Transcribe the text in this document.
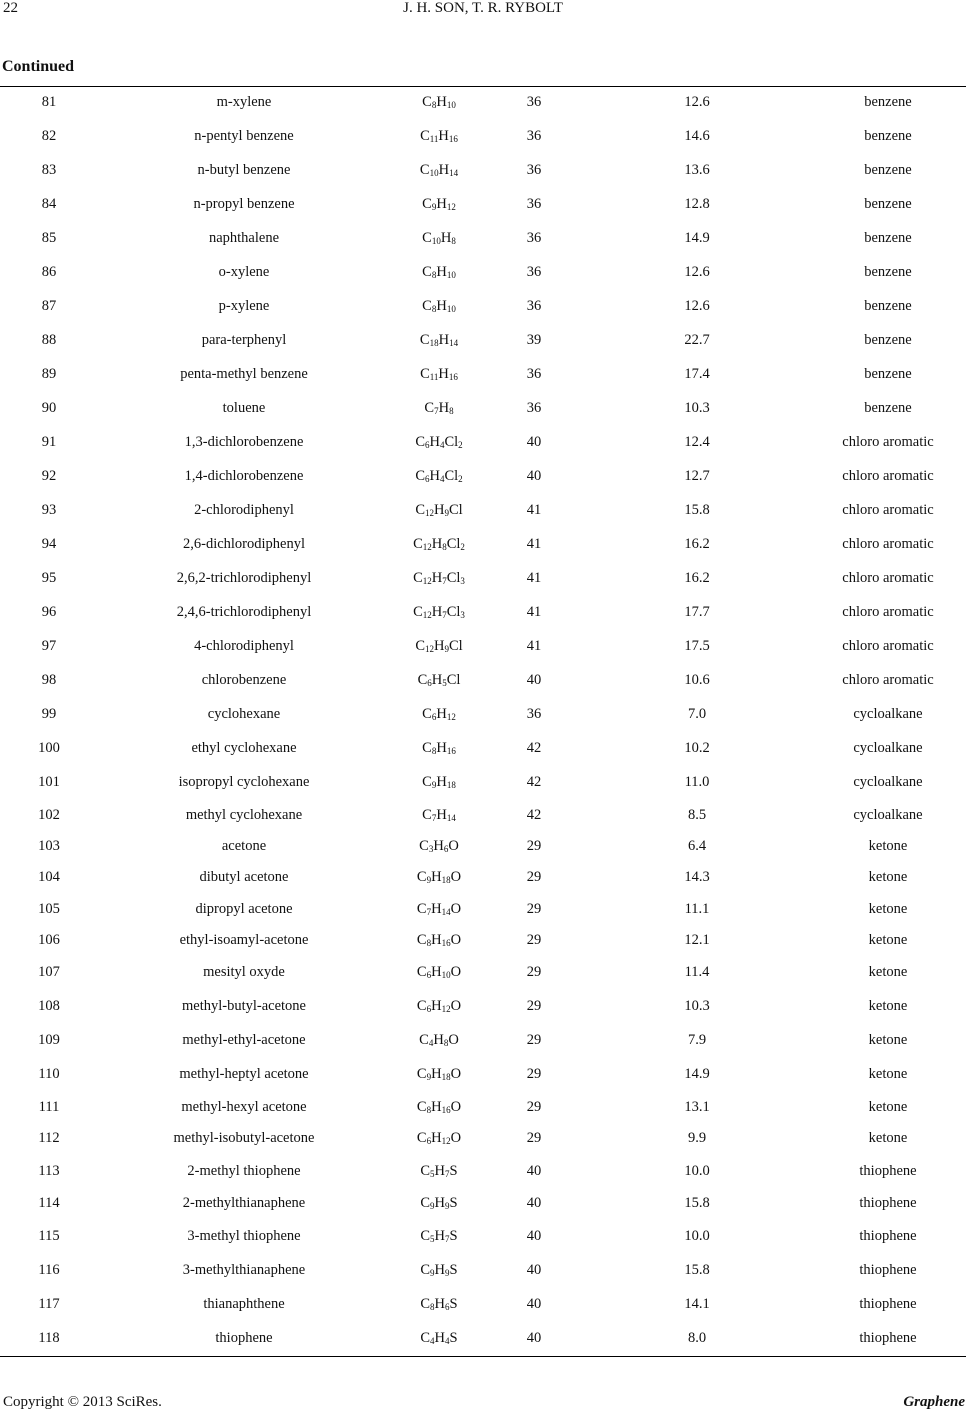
22	J. H. SON, T. R. RYBOLT
Continued
81	m-xylene	$C_8H_{10}$	36	12.6	benzene
82	n-pentyl benzene	$C_{11}H_{16}$	36	14.6	benzene
83	n-butyl benzene	$C_{10}H_{14}$	36	13.6	benzene
84	n-propyl benzene	$C_9H_{12}$	36	12.8	benzene
85	naphthalene	$C_{10}H_8$	36	14.9	benzene
86	o-xylene	$C_8H_{10}$	36	12.6	benzene
87	p-xylene	$C_8H_{10}$	36	12.6	benzene
88	para-terphenyl	$C_{18}H_{14}$	39	22.7	benzene
89	penta-methyl benzene	$C_{11}H_{16}$	36	17.4	benzene
90	toluene	$C_7H_8$	36	10.3	benzene
91	1,3-dichlorobenzene	$C_6H_4Cl_2$	40	12.4	chloro aromatic
92	1,4-dichlorobenzene	$C_6H_4Cl_2$	40	12.7	chloro aromatic
93	2-chlorodiphenyl	$C_{12}H_9Cl$	41	15.8	chloro aromatic
94	2,6-dichlorodiphenyl	$C_{12}H_8Cl_2$	41	16.2	chloro aromatic
95	2,6,2-trichlorodiphenyl	$C_{12}H_7Cl_3$	41	16.2	chloro aromatic
96	2,4,6-trichlorodiphenyl	$C_{12}H_7Cl_3$	41	17.7	chloro aromatic
97	4-chlorodiphenyl	$C_{12}H_9Cl$	41	17.5	chloro aromatic
98	chlorobenzene	$C_6H_5Cl$	40	10.6	chloro aromatic
99	cyclohexane	$C_6H_{12}$	36	7.0	cycloalkane
100	ethyl cyclohexane	$C_8H_{16}$	42	10.2	cycloalkane
101	isopropyl cyclohexane	$C_9H_{18}$	42	11.0	cycloalkane
102	methyl cyclohexane	$C_7H_{14}$	42	8.5	cycloalkane
103	acetone	$C_3H_6O$	29	6.4	ketone
104	dibutyl acetone	$C_9H_{18}O$	29	14.3	ketone
105	dipropyl acetone	$C_7H_{14}O$	29	11.1	ketone
106	ethyl-isoamyl-acetone	$C_8H_{16}O$	29	12.1	ketone
107	mesityl oxyde	$C_6H_{10}O$	29	11.4	ketone
108	methyl-butyl-acetone	$C_6H_{12}O$	29	10.3	ketone
109	methyl-ethyl-acetone	$C_4H_8O$	29	7.9	ketone
110	methyl-heptyl acetone	$C_9H_{18}O$	29	14.9	ketone
111	methyl-hexyl acetone	$C_8H_{16}O$	29	13.1	ketone
112	methyl-isobutyl-acetone	$C_6H_{12}O$	29	9.9	ketone
113	2-methyl thiophene	$C_5H_7S$	40	10.0	thiophene
114	2-methylthianaphene	$C_9H_9S$	40	15.8	thiophene
115	3-methyl thiophene	$C_5H_7S$	40	10.0	thiophene
116	3-methylthianaphene	$C_9H_9S$	40	15.8	thiophene
117	thianaphthene	$C_8H_6S$	40	14.1	thiophene
118	thiophene	$C_4H_4S$	40	8.0	thiophene
Copyright © 2013 SciRes.	Graphene
